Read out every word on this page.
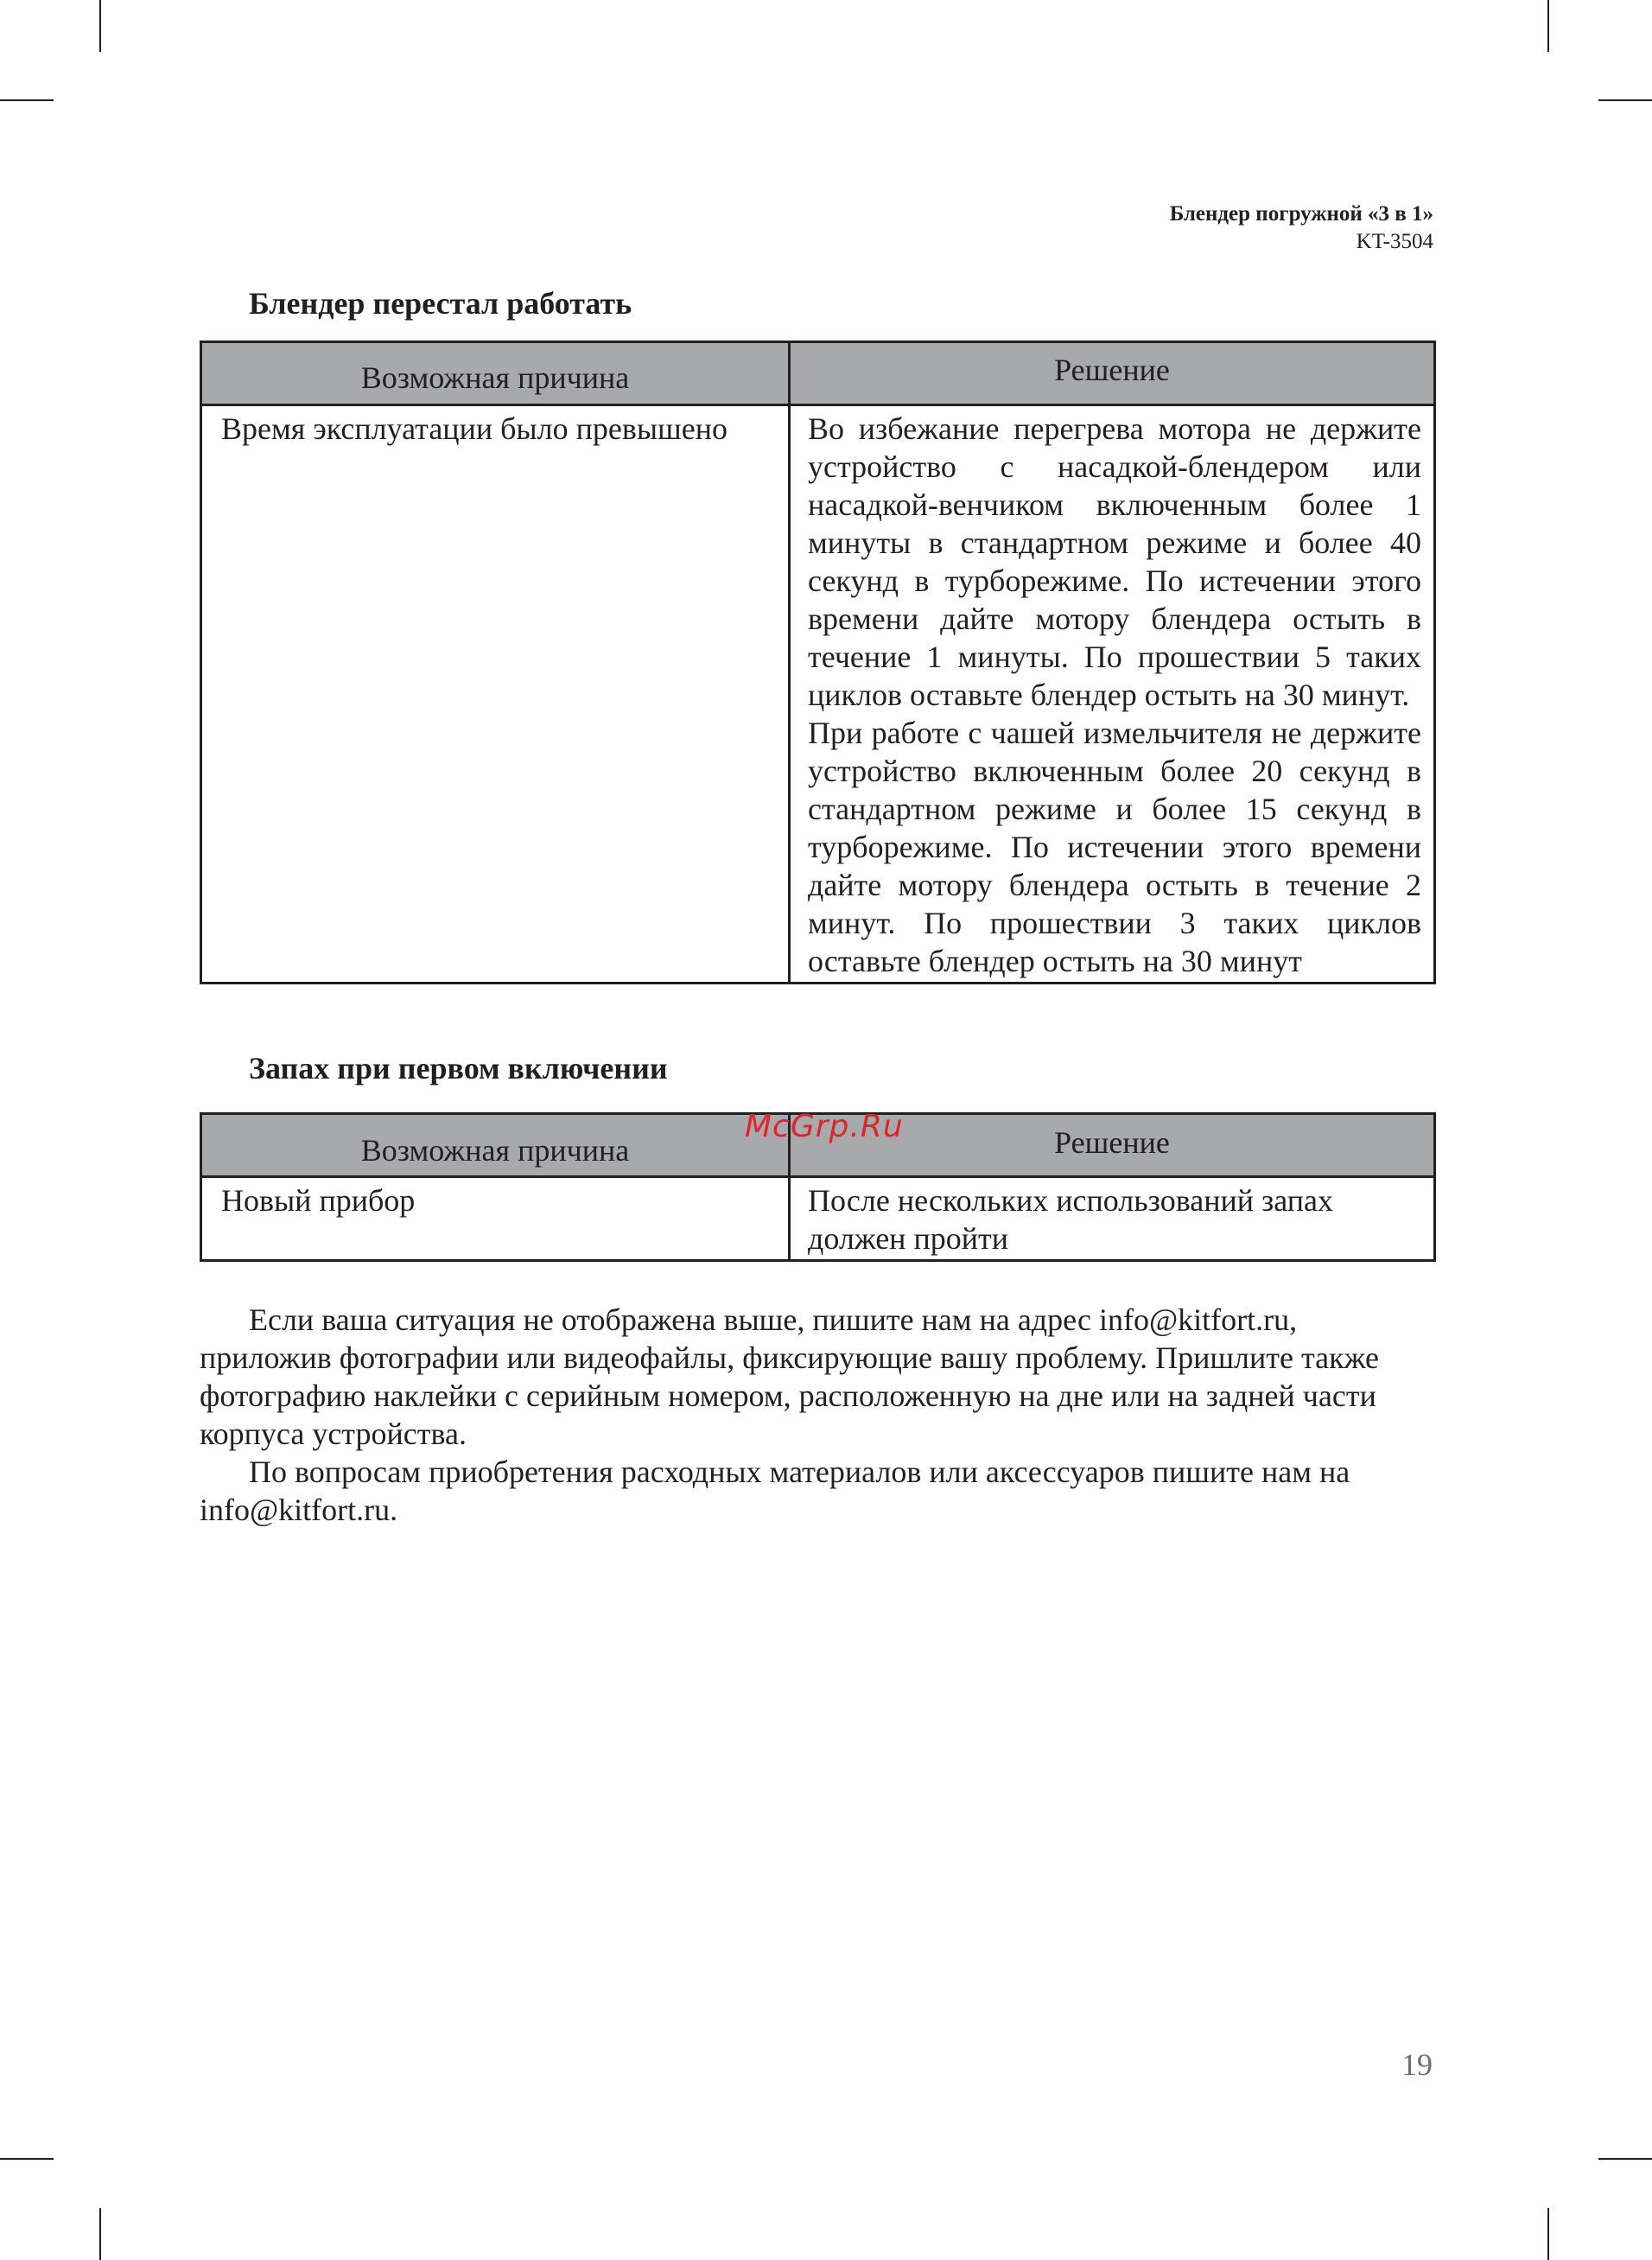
Блендер погружной «3 в 1»
KT-3504
Блендер перестал работать
Возможная причина	Решение
Время эксплуатации было превышено	Во избежание перегрева мотора не держите устройство с насадкой-блендером или насадкой-венчиком включенным более 1 минуты в стандартном режиме и более 40 секунд в турборежиме. По истечении этого времени дайте мотору блендера остыть в течение 1 минуты. По прошествии 5 таких циклов оставьте блендер остыть на 30 минут.
При работе с чашей измельчителя не держите устройство включенным более 20 секунд в стандартном режиме и более 15 секунд в турборежиме. По истечении этого времени дайте мотору блендера остыть в течение 2 минут. По прошествии 3 таких циклов оставьте блендер остыть на 30 минут
Запах при первом включении
Возможная причина	Решение
Новый прибор	После нескольких использований запах должен пройти

Если ваша ситуация не отображена выше, пишите нам на адрес info@kitfort.ru, приложив фотографии или видеофайлы, фиксирующие вашу проблему. Пришлите также фотографию наклейки с серийным номером, расположенную на дне или на задней части корпуса устройства.

По вопросам приобретения расходных материалов или аксессуаров пишите нам на info@kitfort.ru.

McGrp.Ru
19
